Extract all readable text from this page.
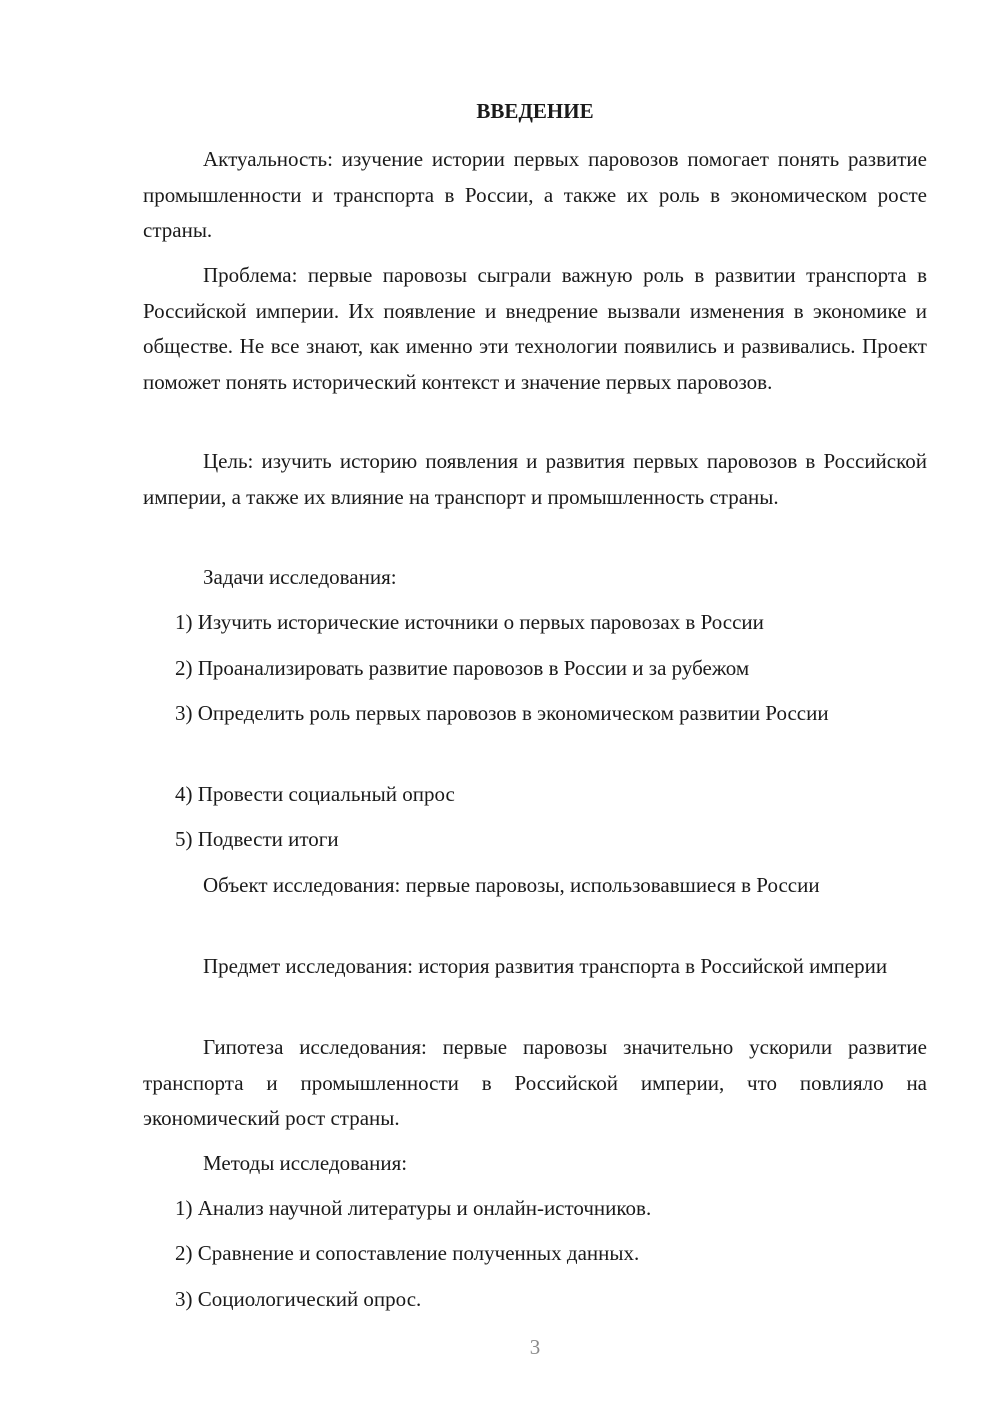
ВВЕДЕНИЕ

Актуальность: изучение истории первых паровозов помогает понять развитие промышленности и транспорта в России, а также их роль в экономическом росте страны.

Проблема: первые паровозы сыграли важную роль в развитии транспорта в Российской империи. Их появление и внедрение вызвали изменения в экономике и обществе. Не все знают, как именно эти технологии появились и развивались. Проект поможет понять исторический контекст и значение первых паровозов.

Цель: изучить историю появления и развития первых паровозов в Российской империи, а также их влияние на транспорт и промышленность страны.

Задачи исследования:

1) Изучить исторические источники о первых паровозах в России

2) Проанализировать развитие паровозов в России и за рубежом

3) Определить роль первых паровозов в экономическом развитии России

4) Провести социальный опрос

5) Подвести итоги

Объект исследования: первые паровозы, использовавшиеся в России

Предмет исследования: история развития транспорта в Российской империи

Гипотеза исследования: первые паровозы значительно ускорили развитие транспорта и промышленности в Российской империи, что повлияло на экономический рост страны.

Методы исследования:

1) Анализ научной литературы и онлайн-источников.

2) Сравнение и сопоставление полученных данных.

3) Социологический опрос.

3
